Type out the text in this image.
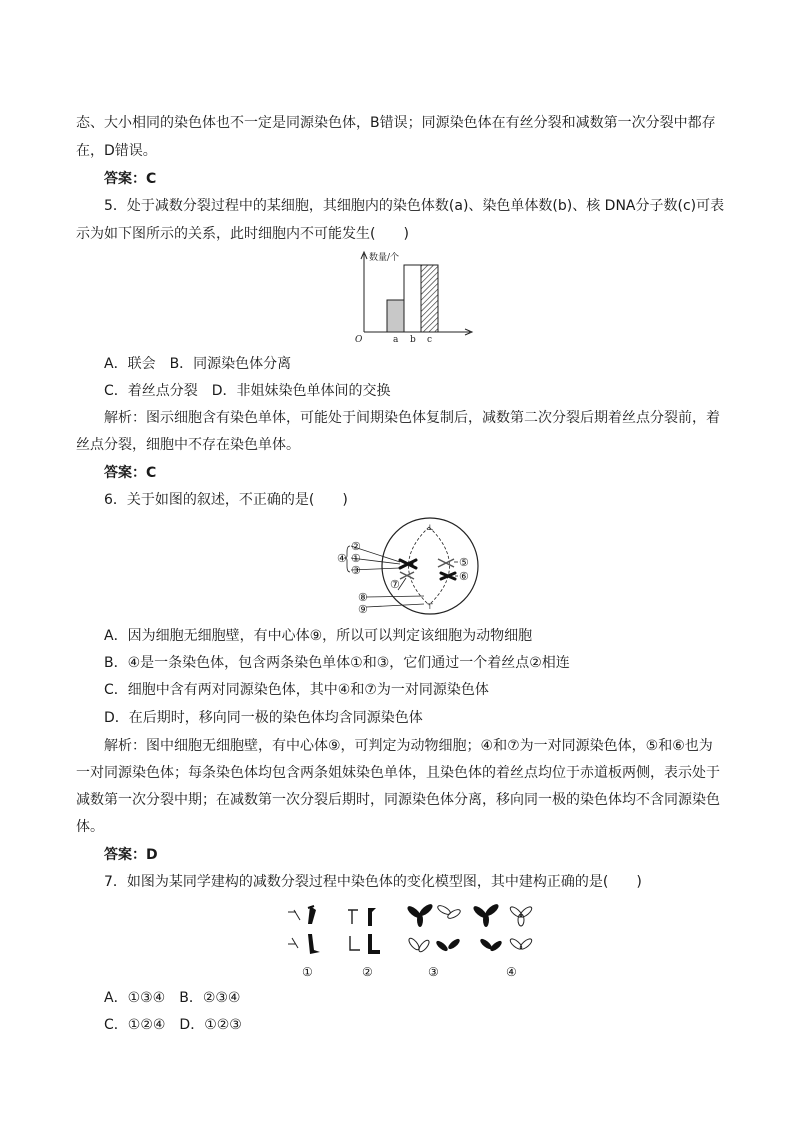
态、大小相同的染色体也不一定是同源染色体，B错误；同源染色体在有丝分裂和减数第一次分裂中都存
在，D错误。
答案：C
5．处于减数分裂过程中的某细胞，其细胞内的染色体数(a)、染色单体数(b)、核 DNA分子数(c)可表
示为如下图所示的关系，此时细胞内不可能发生(　　)
数量/个
O	a b c
A．联会　B．同源染色体分离
C．着丝点分裂　D．非姐妹染色单体间的交换
解析：图示细胞含有染色单体，可能处于间期染色体复制后，减数第二次分裂后期着丝点分裂前，着
丝点分裂，细胞中不存在染色单体。
答案：C
6．关于如图的叙述，不正确的是(　　)
⊥
⊤
②
①
③
④	⑤
⑥
⑦
⑧
⑨
A．因为细胞无细胞壁，有中心体⑨，所以可以判定该细胞为动物细胞
B．④是一条染色体，包含两条染色单体①和③，它们通过一个着丝点②相连
C．细胞中含有两对同源染色体，其中④和⑦为一对同源染色体
D．在后期时，移向同一极的染色体均含同源染色体
解析：图中细胞无细胞壁，有中心体⑨，可判定为动物细胞；④和⑦为一对同源染色体，⑤和⑥也为
一对同源染色体；每条染色体均包含两条姐妹染色单体，且染色体的着丝点均位于赤道板两侧，表示处于
减数第一次分裂中期；在减数第一次分裂后期时，同源染色体分离，移向同一极的染色体均不含同源染色
体。
答案：D
7．如图为某同学建构的减数分裂过程中染色体的变化模型图，其中建构正确的是(　　)
①	②	③	④
A．①③④　B．②③④
C．①②④　D．①②③
